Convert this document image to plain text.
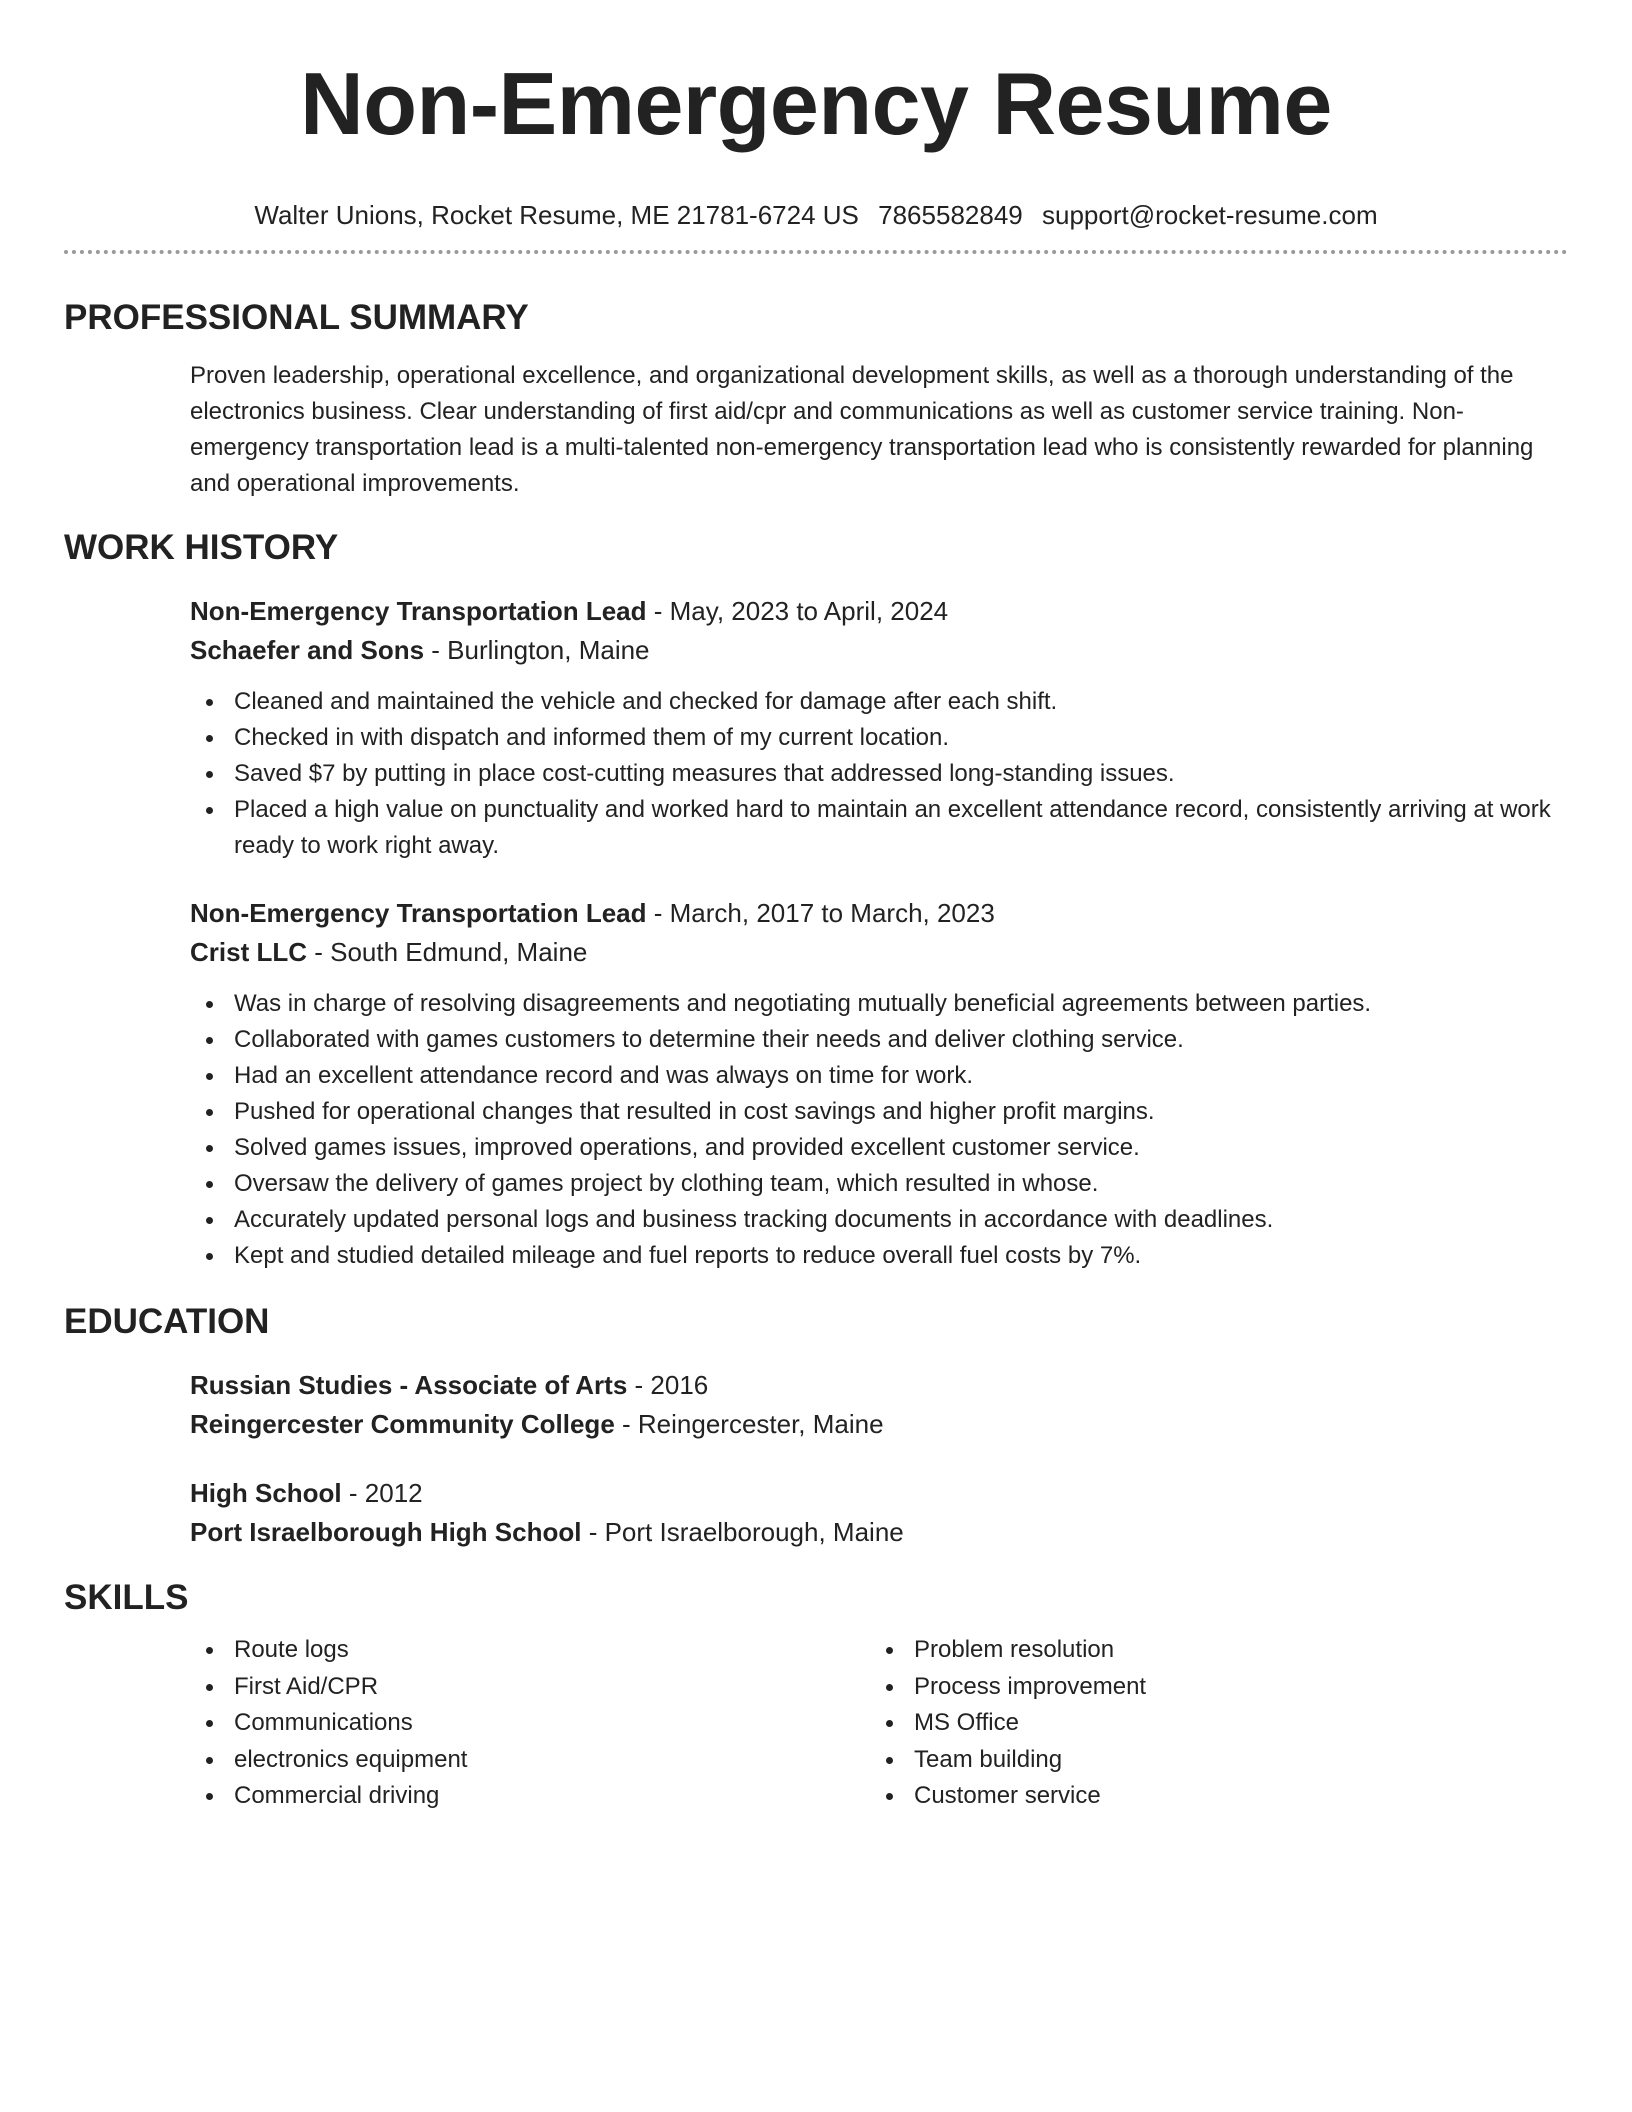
Non-Emergency Resume
Walter Unions, Rocket Resume, ME 21781-6724 US 7865582849 support@rocket-resume.com
PROFESSIONAL SUMMARY

Proven leadership, operational excellence, and organizational development skills, as well as a thorough understanding of the electronics business. Clear understanding of first aid/cpr and communications as well as customer service training. Non-emergency transportation lead is a multi-talented non-emergency transportation lead who is consistently rewarded for planning and operational improvements.

WORK HISTORY
Non-Emergency Transportation Lead - May, 2023 to April, 2024
Schaefer and Sons - Burlington, Maine
Cleaned and maintained the vehicle and checked for damage after each shift.
Checked in with dispatch and informed them of my current location.
Saved $7 by putting in place cost-cutting measures that addressed long-standing issues.
Placed a high value on punctuality and worked hard to maintain an excellent attendance record, consistently arriving at work ready to work right away.
Non-Emergency Transportation Lead - March, 2017 to March, 2023
Crist LLC - South Edmund, Maine
Was in charge of resolving disagreements and negotiating mutually beneficial agreements between parties.
Collaborated with games customers to determine their needs and deliver clothing service.
Had an excellent attendance record and was always on time for work.
Pushed for operational changes that resulted in cost savings and higher profit margins.
Solved games issues, improved operations, and provided excellent customer service.
Oversaw the delivery of games project by clothing team, which resulted in whose.
Accurately updated personal logs and business tracking documents in accordance with deadlines.
Kept and studied detailed mileage and fuel reports to reduce overall fuel costs by 7%.
EDUCATION
Russian Studies - Associate of Arts - 2016
Reingercester Community College - Reingercester, Maine
High School - 2012
Port Israelborough High School - Port Israelborough, Maine
SKILLS
Route logs
First Aid/CPR
Communications
electronics equipment
Commercial driving
Problem resolution
Process improvement
MS Office
Team building
Customer service
